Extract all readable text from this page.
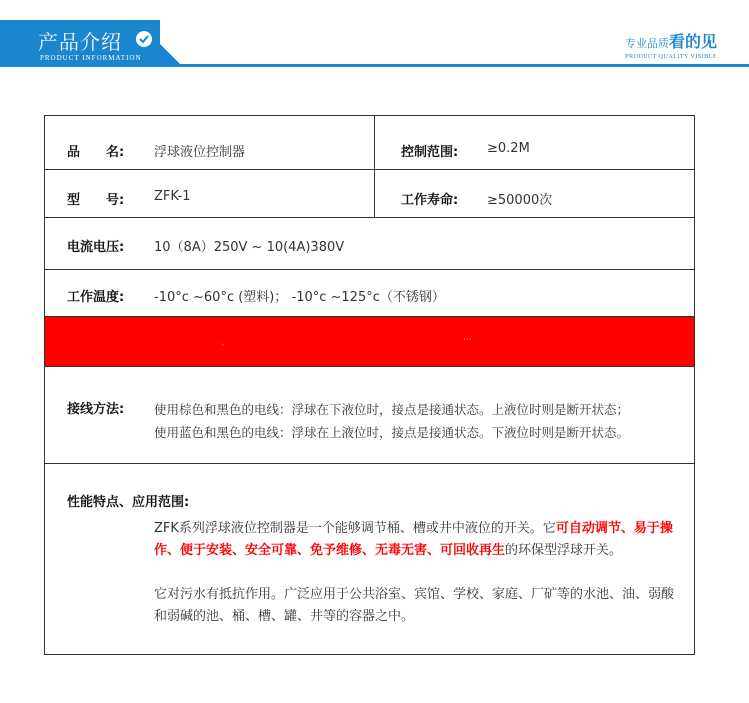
产品介绍
PRODUCT INFORMATION
专业品质看的见
PRODUCT QUALITY VISIBLE
品　　名: 浮球液位控制器	控制范围: ≥0.2M
型　　号: ZFK-1	工作寿命: ≥50000次
电流电压: 10（8A）250V ~ 10(4A)380V
工作温度: -10°c ~60°c (塑料)； -10°c ~125°c（不锈钢）
、	···
接线方法: 使用棕色和黑色的电线：浮球在下液位时，接点是接通状态。上液位时则是断开状态；
使用蓝色和黑色的电线：浮球在上液位时，接点是接通状态。下液位时则是断开状态。
性能特点、应用范围:
ZFK系列浮球液位控制器是一个能够调节桶、槽或井中液位的开关。它可自动调节、易于操作、便于安装、安全可靠、免予维修、无毒无害、可回收再生的环保型浮球开关。
它对污水有抵抗作用。广泛应用于公共浴室、宾馆、学校、家庭、厂矿等的水池、油、弱酸和弱碱的池、桶、槽、罐、井等的容器之中。
